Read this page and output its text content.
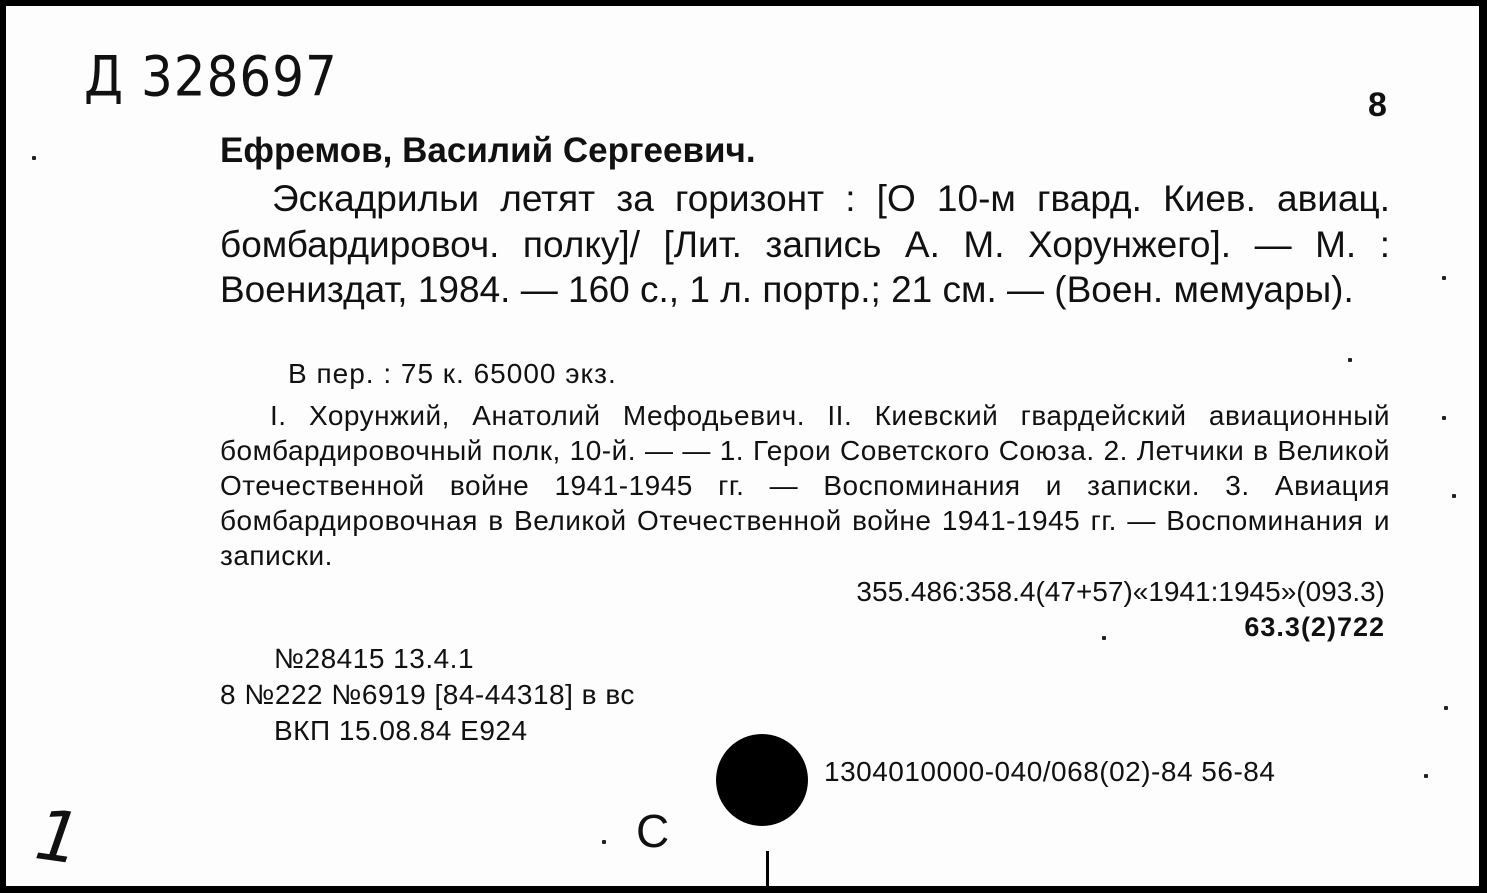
Д 328697	8
Ефремов, Василий Сергеевич.
Эскадрильи летят за горизонт : [О 10-м гвард. Киев. авиац. бомбардировоч. полку]/ [Лит. запись А. М. Хорунжего]. — М. : Воениздат, 1984. — 160 с., 1 л. портр.; 21 см. — (Воен. мемуары).
В пер. : 75 к. 65000 экз.
I. Хорунжий, Анатолий Мефодьевич. II. Киевский гвардейский авиационный бомбардировочный полк, 10-й. — — 1. Герои Советского Союза. 2. Летчики в Великой Отечественной войне 1941-1945 гг. — Воспоминания и записки. 3. Авиация бомбардировочная в Великой Отечественной войне 1941-1945 гг. — Воспоминания и записки.
355.486:358.4(47+57)«1941:1945»(093.3)
63.3(2)722
№28415 13.4.1
8 №222 №6919 [84-44318] в вс
ВКП 15.08.84 Е924
1304010000-040/068(02)-84 56-84
С
1
